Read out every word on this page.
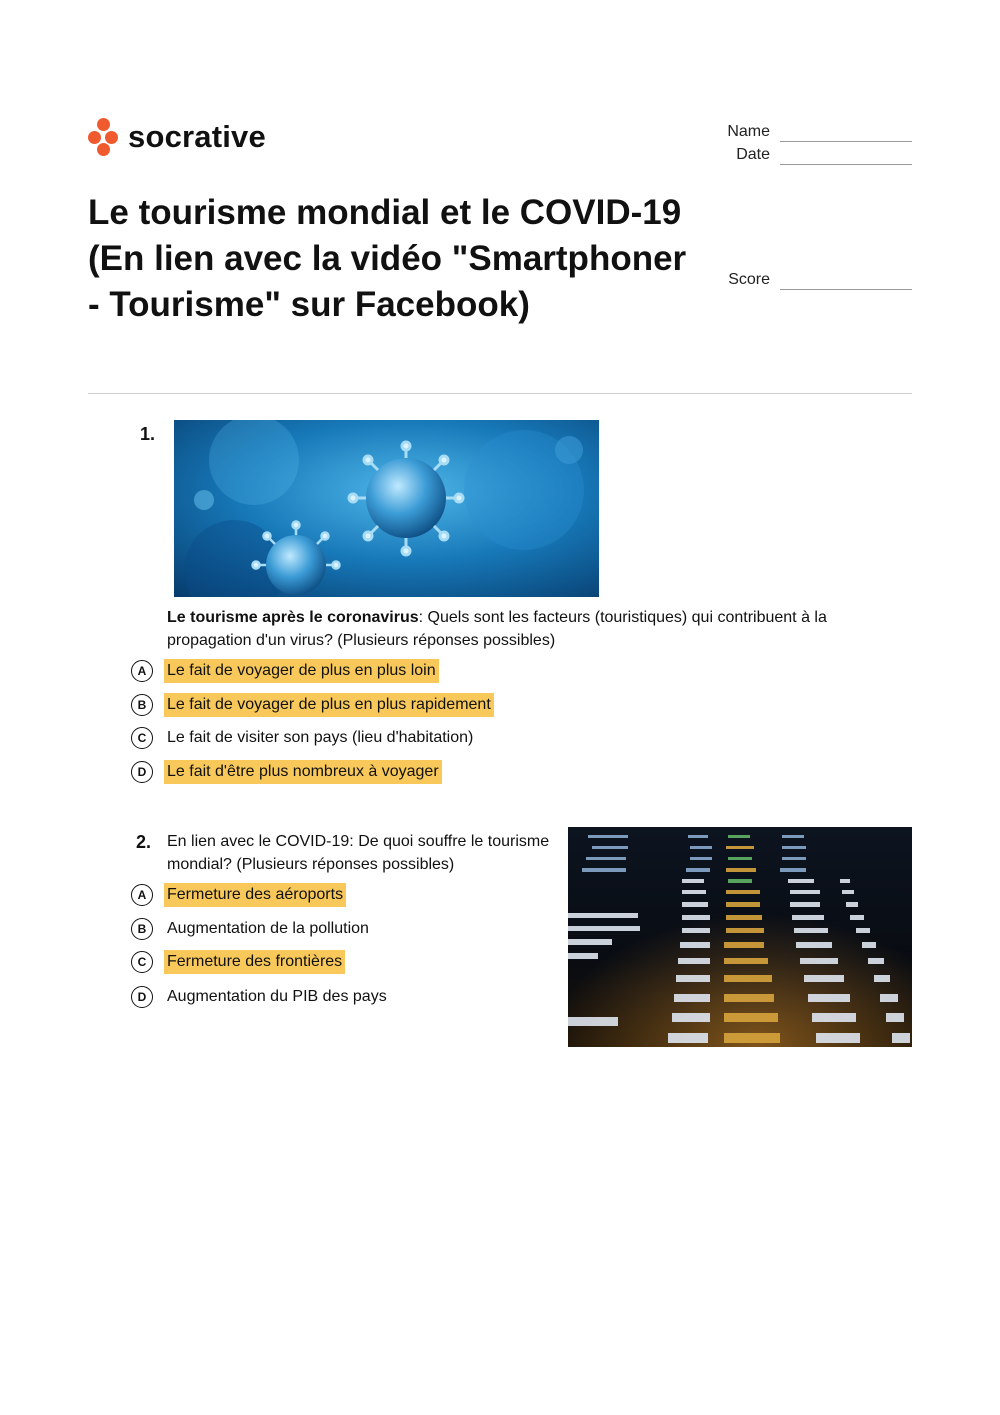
socrative	Name
Date
Score
Le tourisme mondial et le COVID-19 (En lien avec la vidéo "Smartphoner - Tourisme" sur Facebook)
1.
Le tourisme après le coronavirus: Quels sont les facteurs (touristiques) qui contribuent à la propagation d'un virus? (Plusieurs réponses possibles)
A	Le fait de voyager de plus en plus loin
B	Le fait de voyager de plus en plus rapidement
C	Le fait de visiter son pays (lieu d'habitation)
D	Le fait d'être plus nombreux à voyager
2. En lien avec le COVID-19: De quoi souffre le tourisme mondial? (Plusieurs réponses possibles)
A	Fermeture des aéroports
B	Augmentation de la pollution
C	Fermeture des frontières
D	Augmentation du PIB des pays
